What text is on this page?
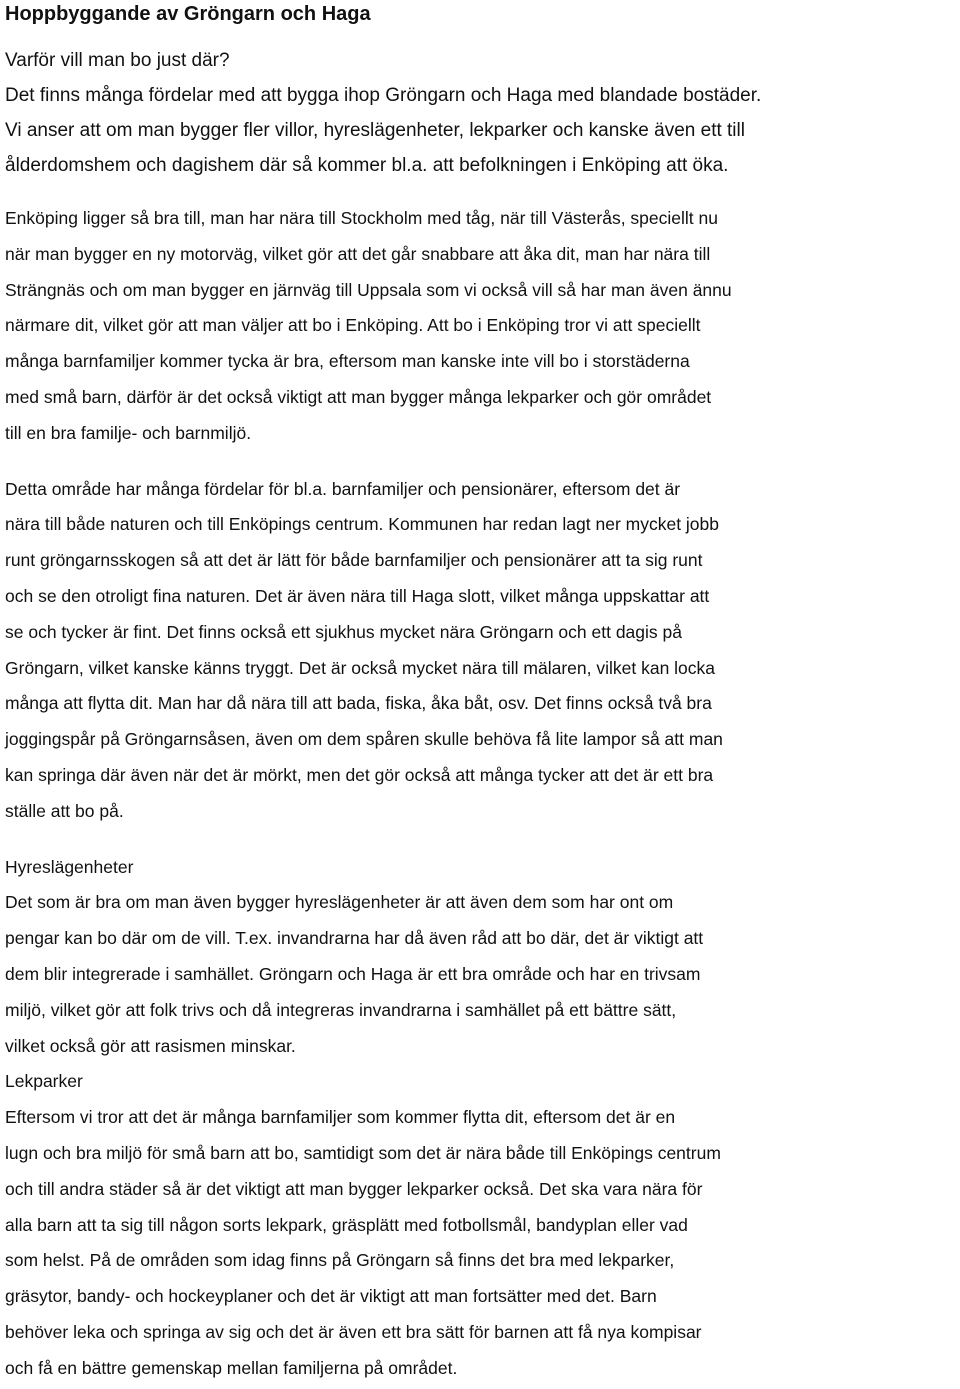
Hoppbyggande av Gröngarn och Haga

Varför vill man bo just där?
Det finns många fördelar med att bygga ihop Gröngarn och Haga med blandade bostäder.
Vi anser att om man bygger fler villor, hyreslägenheter, lekparker och kanske även ett till
ålderdomshem och dagishem där så kommer bl.a. att befolkningen i Enköping att öka.

Enköping ligger så bra till, man har nära till Stockholm med tåg, när till Västerås, speciellt nu
när man bygger en ny motorväg, vilket gör att det går snabbare att åka dit, man har nära till
Strängnäs och om man bygger en järnväg till Uppsala som vi också vill så har man även ännu
närmare dit, vilket gör att man väljer att bo i Enköping. Att bo i Enköping tror vi att speciellt
många barnfamiljer kommer tycka är bra, eftersom man kanske inte vill bo i storstäderna
med små barn, därför är det också viktigt att man bygger många lekparker och gör området
till en bra familje- och barnmiljö.

Detta område har många fördelar för bl.a. barnfamiljer och pensionärer, eftersom det är
nära till både naturen och till Enköpings centrum. Kommunen har redan lagt ner mycket jobb
runt gröngarnsskogen så att det är lätt för både barnfamiljer och pensionärer att ta sig runt
och se den otroligt fina naturen. Det är även nära till Haga slott, vilket många uppskattar att
se och tycker är fint. Det finns också ett sjukhus mycket nära Gröngarn och ett dagis på
Gröngarn, vilket kanske känns tryggt. Det är också mycket nära till mälaren, vilket kan locka
många att flytta dit. Man har då nära till att bada, fiska, åka båt, osv. Det finns också två bra
joggingspår på Gröngarnsåsen, även om dem spåren skulle behöva få lite lampor så att man
kan springa där även när det är mörkt, men det gör också att många tycker att det är ett bra
ställe att bo på.

Hyreslägenheter
Det som är bra om man även bygger hyreslägenheter är att även dem som har ont om
pengar kan bo där om de vill. T.ex. invandrarna har då även råd att bo där, det är viktigt att
dem blir integrerade i samhället. Gröngarn och Haga är ett bra område och har en trivsam
miljö, vilket gör att folk trivs och då integreras invandrarna i samhället på ett bättre sätt,
vilket också gör att rasismen minskar.

Lekparker
Eftersom vi tror att det är många barnfamiljer som kommer flytta dit, eftersom det är en
lugn och bra miljö för små barn att bo, samtidigt som det är nära både till Enköpings centrum
och till andra städer så är det viktigt att man bygger lekparker också. Det ska vara nära för
alla barn att ta sig till någon sorts lekpark, gräsplätt med fotbollsmål, bandyplan eller vad
som helst. På de områden som idag finns på Gröngarn så finns det bra med lekparker,
gräsytor, bandy- och hockeyplaner och det är viktigt att man fortsätter med det. Barn
behöver leka och springa av sig och det är även ett bra sätt för barnen att få nya kompisar
och få en bättre gemenskap mellan familjerna på området.
